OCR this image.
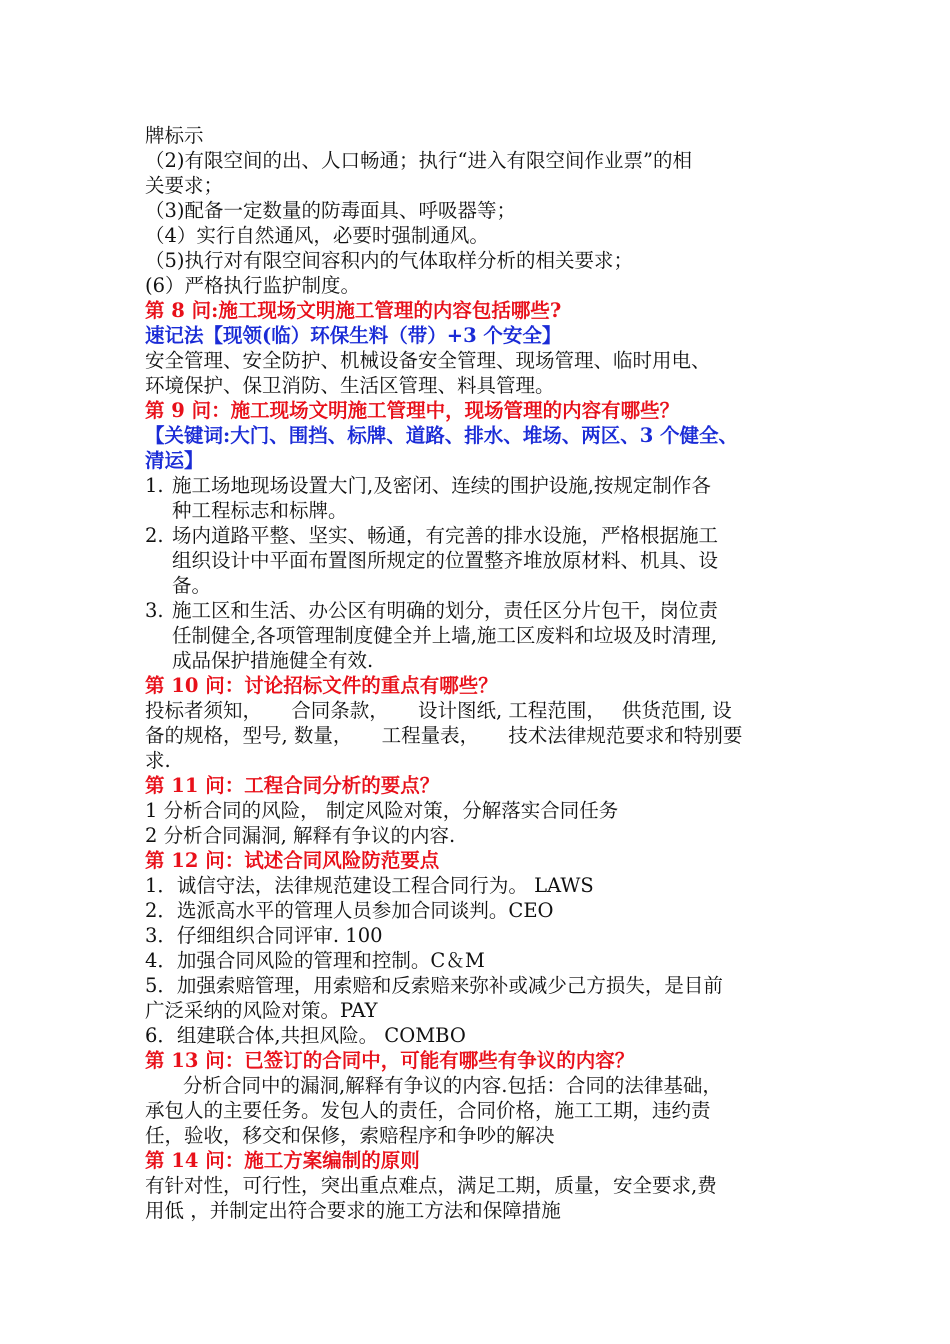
牌标示
（2)有限空间的出、人口畅通；执行“进入有限空间作业票”的相
关要求；
（3)配备一定数量的防毒面具、呼吸器等；
（4）实行自然通风，必要时强制通风。
（5)执行对有限空间容积内的气体取样分析的相关要求；
(6）严格执行监护制度。
第 8 问:施工现场文明施工管理的内容包括哪些?
速记法【现领(临）环保生料（带）+3 个安全】
安全管理、安全防护、机械设备安全管理、现场管理、临时用电、
环境保护、保卫消防、生活区管理、料具管理。
第 9 问：施工现场文明施工管理中，现场管理的内容有哪些？
【关键词:大门、围挡、标牌、道路、排水、堆场、两区、3 个健全、
清运】
1. 施工场地现场设置大门,及密闭、连续的围护设施,按规定制作各
种工程标志和标牌。
2. 场内道路平整、坚实、畅通，有完善的排水设施，严格根据施工
组织设计中平面布置图所规定的位置整齐堆放原材料、机具、设
备。
3. 施工区和生活、办公区有明确的划分，责任区分片包干，岗位责
任制健全,各项管理制度健全并上墙,施工区废料和垃圾及时清理,
成品保护措施健全有效.
第 10 问：讨论招标文件的重点有哪些？
投标者须知，　　合同条款，　　设计图纸, 工程范围，　 供货范围, 设
备的规格，型号, 数量，　　工程量表，　　技术法律规范要求和特别要
求.
第 11 问：工程合同分析的要点？
1 分析合同的风险， 制定风险对策，分解落实合同任务
2 分析合同漏洞, 解释有争议的内容.
第 12 问：试述合同风险防范要点
1．诚信守法，法律规范建设工程合同行为。 LAWS
2．选派高水平的管理人员参加合同谈判。CEO
3．仔细组织合同评审. 100
4．加强合同风险的管理和控制。C＆M
5．加强索赔管理，用索赔和反索赔来弥补或减少己方损失，是目前
广泛采纳的风险对策。PAY
6．组建联合体,共担风险。 COMBO
第 13 问：已签订的合同中，可能有哪些有争议的内容？
分析合同中的漏洞,解释有争议的内容.包括：合同的法律基础，
承包人的主要任务。发包人的责任，合同价格，施工工期，违约责
任，验收，移交和保修，索赔程序和争吵的解决
第 14 问：施工方案编制的原则
有针对性，可行性，突出重点难点，满足工期，质量，安全要求,费
用低 ，并制定出符合要求的施工方法和保障措施
